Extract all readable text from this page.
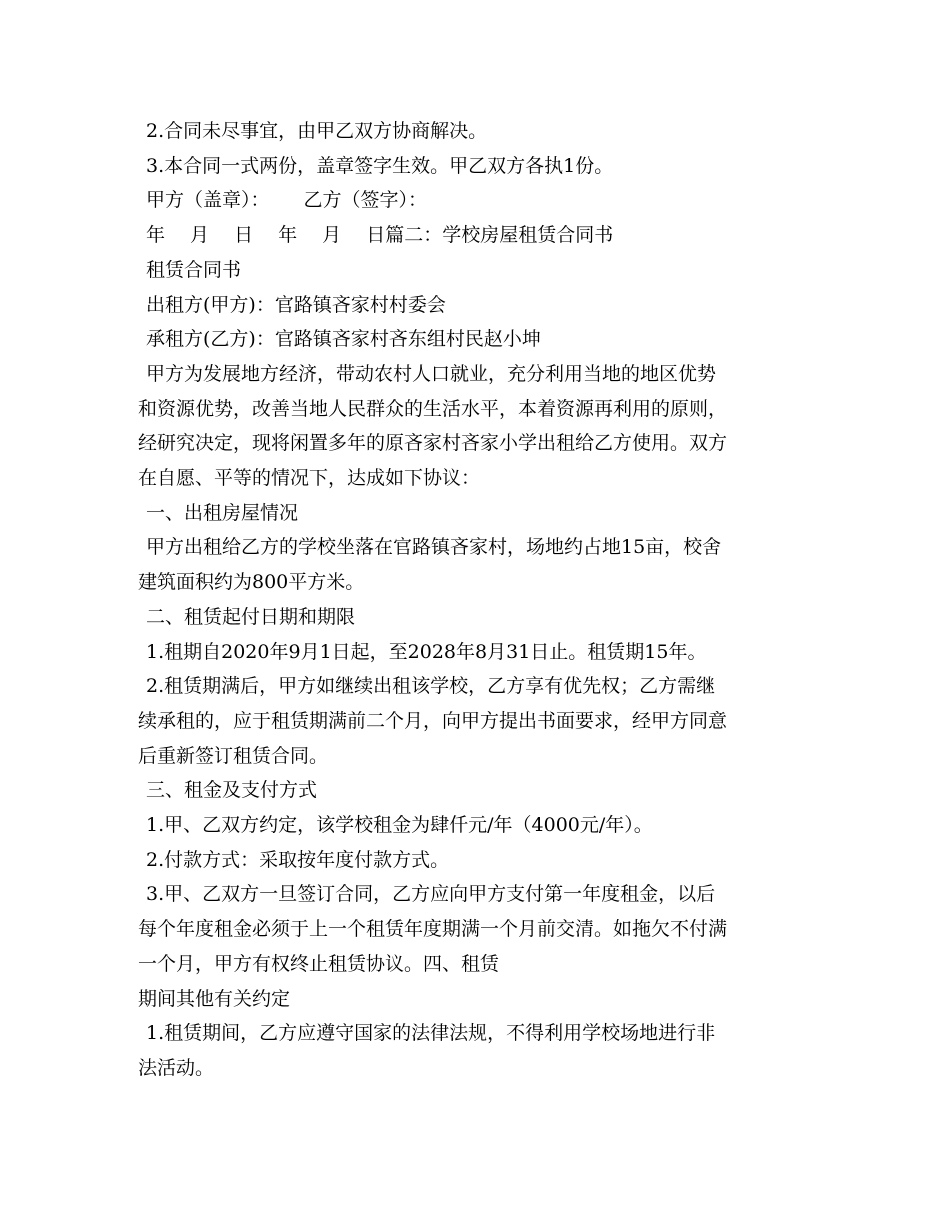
2.合同未尽事宜，由甲乙双方协商解决。
3.本合同一式两份，盖章签字生效。甲乙双方各执1份。
甲方（盖章）： 乙方（签字）：
年　 月　 日　 年　 月　 日篇二：学校房屋租赁合同书
租赁合同书
出租方(甲方)：官路镇吝家村村委会
承租方(乙方)：官路镇吝家村吝东组村民赵小坤
甲方为发展地方经济，带动农村人口就业，充分利用当地的地区优势
和资源优势，改善当地人民群众的生活水平，本着资源再利用的原则，
经研究决定，现将闲置多年的原吝家村吝家小学出租给乙方使用。双方
在自愿、平等的情况下，达成如下协议：
一、出租房屋情况
甲方出租给乙方的学校坐落在官路镇吝家村，场地约占地15亩，校舍
建筑面积约为800平方米。
二、租赁起付日期和期限
1.租期自2020年9月1日起，至2028年8月31日止。租赁期15年。
2.租赁期满后，甲方如继续出租该学校，乙方享有优先权；乙方需继
续承租的，应于租赁期满前二个月，向甲方提出书面要求，经甲方同意
后重新签订租赁合同。
三、租金及支付方式
1.甲、乙双方约定，该学校租金为肆仟元/年（4000元/年）。
2.付款方式：采取按年度付款方式。
3.甲、乙双方一旦签订合同，乙方应向甲方支付第一年度租金，以后
每个年度租金必须于上一个租赁年度期满一个月前交清。如拖欠不付满
一个月，甲方有权终止租赁协议。四、租赁
期间其他有关约定
1.租赁期间，乙方应遵守国家的法律法规，不得利用学校场地进行非
法活动。
